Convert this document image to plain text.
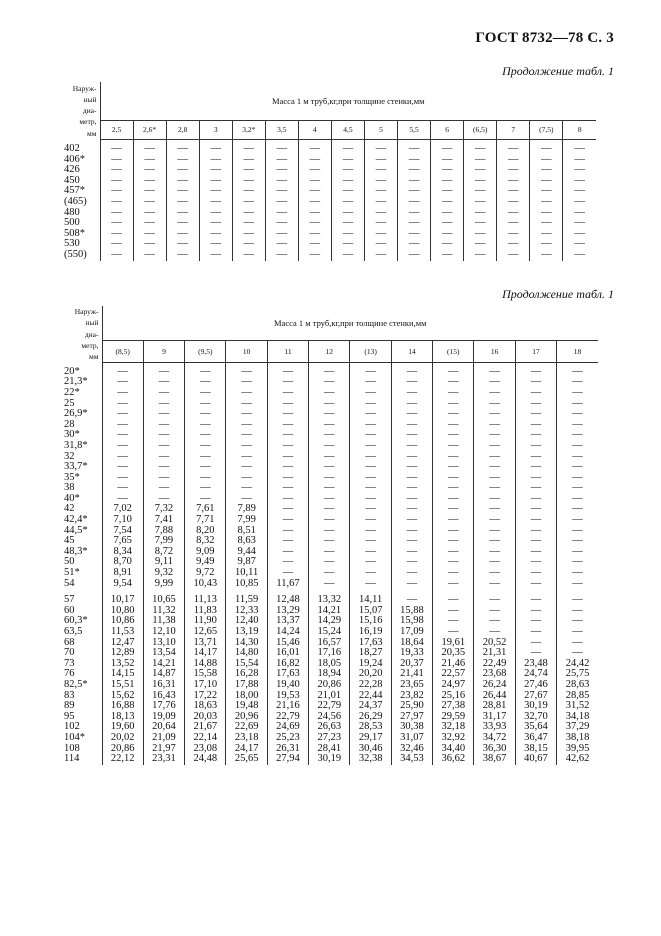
ГОСТ 8732—78 С. 3
Продолжение табл. 1
Наруж-
ный
диа-
метр,
мм	Масса 1 м труб,кг,при толщине стенки,мм														
	2,5	2,6*	2,8	3	3,2*	3,5	4	4,5	5	5,5	6	(6,5)	7	(7,5)	8
402	—	—	—	—	—	—	—	—	—	—	—	—	—	—	—
406*	—	—	—	—	—	—	—	—	—	—	—	—	—	—	—
426	—	—	—	—	—	—	—	—	—	—	—	—	—	—	—
450	—	—	—	—	—	—	—	—	—	—	—	—	—	—	—
457*	—	—	—	—	—	—	—	—	—	—	—	—	—	—	—
(465)	—	—	—	—	—	—	—	—	—	—	—	—	—	—	—
480	—	—	—	—	—	—	—	—	—	—	—	—	—	—	—
500	—	—	—	—	—	—	—	—	—	—	—	—	—	—	—
508*	—	—	—	—	—	—	—	—	—	—	—	—	—	—	—
530	—	—	—	—	—	—	—	—	—	—	—	—	—	—	—
(550)	—	—	—	—	—	—	—	—	—	—	—	—	—	—	—
Продолжение табл. 1
Наруж-
ный
диа-
метр,
мм	Масса 1 м труб,кг,при толщине стенки,мм											
	(8,5)	9	(9,5)	10	11	12	(13)	14	(15)	16	17	18
20*	—	—	—	—	—	—	—	—	—	—	—	—
21,3*	—	—	—	—	—	—	—	—	—	—	—	—
22*	—	—	—	—	—	—	—	—	—	—	—	—
25	—	—	—	—	—	—	—	—	—	—	—	—
26,9*	—	—	—	—	—	—	—	—	—	—	—	—
28	—	—	—	—	—	—	—	—	—	—	—	—
30*	—	—	—	—	—	—	—	—	—	—	—	—
31,8*	—	—	—	—	—	—	—	—	—	—	—	—
32	—	—	—	—	—	—	—	—	—	—	—	—
33,7*	—	—	—	—	—	—	—	—	—	—	—	—
35*	—	—	—	—	—	—	—	—	—	—	—	—
38	—	—	—	—	—	—	—	—	—	—	—	—
40*	—	—	—	—	—	—	—	—	—	—	—	—
42	7,02	7,32	7,61	7,89	—	—	—	—	—	—	—	—
42,4*	7,10	7,41	7,71	7,99	—	—	—	—	—	—	—	—
44,5*	7,54	7,88	8,20	8,51	—	—	—	—	—	—	—	—
45	7,65	7,99	8,32	8,63	—	—	—	—	—	—	—	—
48,3*	8,34	8,72	9,09	9,44	—	—	—	—	—	—	—	—
50	8,70	9,11	9,49	9,87	—	—	—	—	—	—	—	—
51*	8,91	9,32	9,72	10,11	—	—	—	—	—	—	—	—
54	9,54	9,99	10,43	10,85	11,67	—	—	—	—	—	—	—

57	10,17	10,65	11,13	11,59	12,48	13,32	14,11	—	—	—	—	—
60	10,80	11,32	11,83	12,33	13,29	14,21	15,07	15,88	—	—	—	—
60,3*	10,86	11,38	11,90	12,40	13,37	14,29	15,16	15,98	—	—	—	—
63,5	11,53	12,10	12,65	13,19	14,24	15,24	16,19	17,09	—	—	—	—
68	12,47	13,10	13,71	14,30	15,46	16,57	17,63	18,64	19,61	20,52	—	—
70	12,89	13,54	14,17	14,80	16,01	17,16	18,27	19,33	20,35	21,31	—	—
73	13,52	14,21	14,88	15,54	16,82	18,05	19,24	20,37	21,46	22,49	23,48	24,42
76	14,15	14,87	15,58	16,28	17,63	18,94	20,20	21,41	22,57	23,68	24,74	25,75
82,5*	15,51	16,31	17,10	17,88	19,40	20,86	22,28	23,65	24,97	26,24	27,46	28,63
83	15,62	16,43	17,22	18,00	19,53	21,01	22,44	23,82	25,16	26,44	27,67	28,85
89	16,88	17,76	18,63	19,48	21,16	22,79	24,37	25,90	27,38	28,81	30,19	31,52
95	18,13	19,09	20,03	20,96	22,79	24,56	26,29	27,97	29,59	31,17	32,70	34,18
102	19,60	20,64	21,67	22,69	24,69	26,63	28,53	30,38	32,18	33,93	35,64	37,29
104*	20,02	21,09	22,14	23,18	25,23	27,23	29,17	31,07	32,92	34,72	36,47	38,18
108	20,86	21,97	23,08	24,17	26,31	28,41	30,46	32,46	34,40	36,30	38,15	39,95
114	22,12	23,31	24,48	25,65	27,94	30,19	32,38	34,53	36,62	38,67	40,67	42,62
